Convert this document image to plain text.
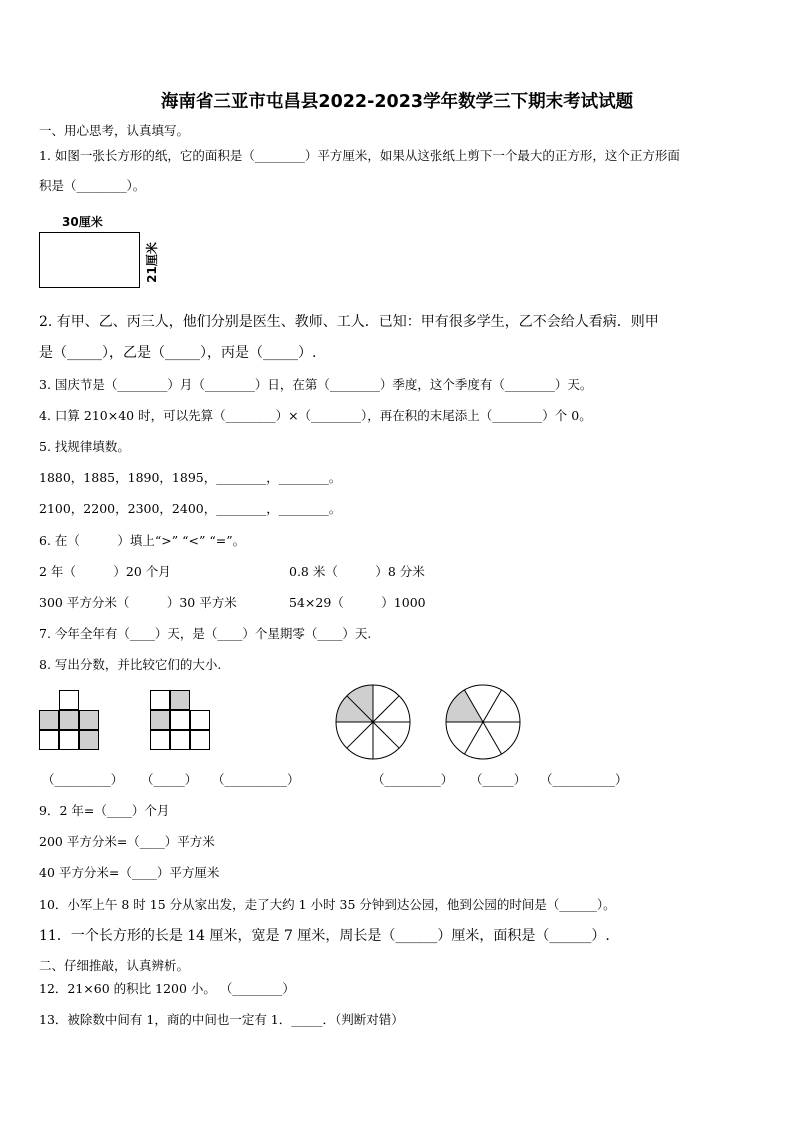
海南省三亚市屯昌县2022-2023学年数学三下期末考试试题
一、用心思考，认真填写。
1. 如图一张长方形的纸，它的面积是（________）平方厘米，如果从这张纸上剪下一个最大的正方形，这个正方形面
积是（________）。
30厘米
21厘米
2. 有甲、乙、丙三人，他们分别是医生、教师、工人．已知：甲有很多学生，乙不会给人看病．则甲
是（_____），乙是（_____），丙是（_____）.
3. 国庆节是（________）月（________）日，在第（________）季度，这个季度有（________）天。
4. 口算 210×40 时，可以先算（________）×（________），再在积的末尾添上（________）个 0。
5. 找规律填数。
1880，1885，1890，1895，________，________。
2100，2200，2300，2400，________，________。
6. 在（　　　）填上“>” “<” “=”。
2 年（　　　）20 个月	0.8 米（　　　）8 分米
300 平方分米（　　　）30 平方米	54×29（　　　）1000
7. 今年全年有（____）天，是（____）个星期零（____）天.
8. 写出分数，并比较它们的大小.
（_________） （_____） （__________）	（_________） （_____） （__________）
9．2 年=（____）个月
200 平方分米=（____）平方米
40 平方分米=（____）平方厘米
10．小军上午 8 时 15 分从家出发，走了大约 1 小时 35 分钟到达公园，他到公园的时间是（______）。
11．一个长方形的长是 14 厘米，宽是 7 厘米，周长是（______）厘米，面积是（______）.
二、仔细推敲，认真辨析。
12．21×60 的积比 1200 小。 （________）
13．被除数中间有 1，商的中间也一定有 1．_____．（判断对错）
